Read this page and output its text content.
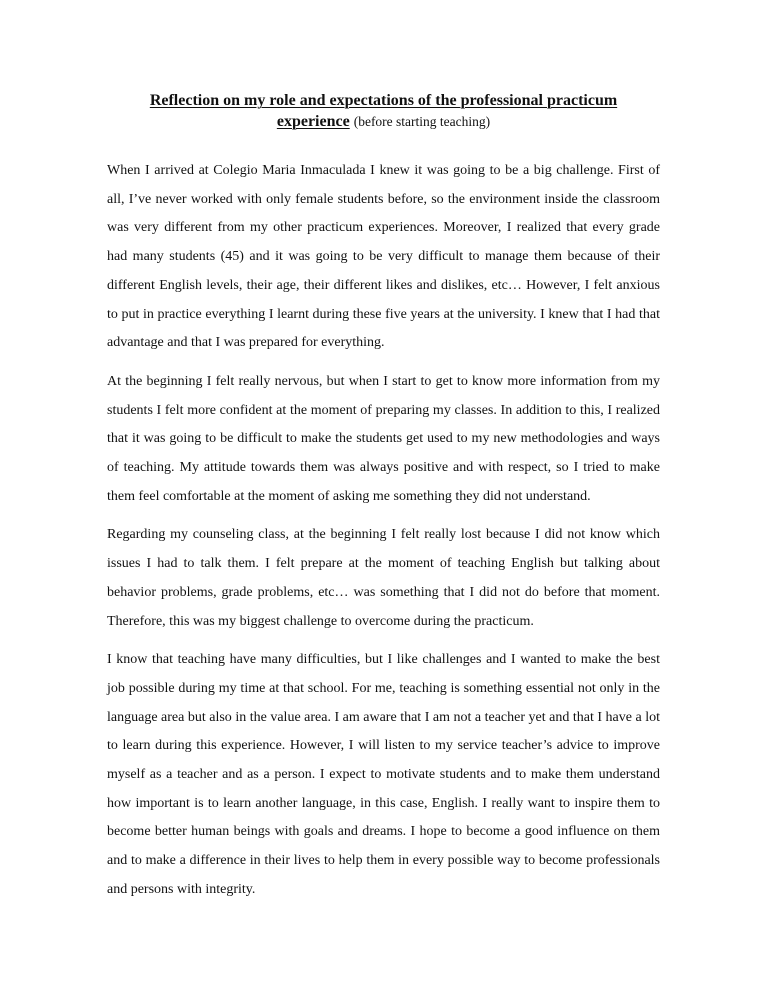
Reflection on my role and expectations of the professional practicum
experience (before starting teaching)

When I arrived at Colegio Maria Inmaculada I knew it was going to be a big challenge. First of all, I’ve never worked with only female students before, so the environment inside the classroom was very different from my other practicum experiences. Moreover, I realized that every grade had many students (45) and it was going to be very difficult to manage them because of their different English levels, their age, their different likes and dislikes, etc… However, I felt anxious to put in practice everything I learnt during these five years at the university. I knew that I had that advantage and that I was prepared for everything.

At the beginning I felt really nervous, but when I start to get to know more information from my students I felt more confident at the moment of preparing my classes. In addition to this, I realized that it was going to be difficult to make the students get used to my new methodologies and ways of teaching. My attitude towards them was always positive and with respect, so I tried to make them feel comfortable at the moment of asking me something they did not understand.

Regarding my counseling class, at the beginning I felt really lost because I did not know which issues I had to talk them. I felt prepare at the moment of teaching English but talking about behavior problems, grade problems, etc… was something that I did not do before that moment. Therefore, this was my biggest challenge to overcome during the practicum.

I know that teaching have many difficulties, but I like challenges and I wanted to make the best job possible during my time at that school. For me, teaching is something essential not only in the language area but also in the value area. I am aware that I am not a teacher yet and that I have a lot to learn during this experience. However, I will listen to my service teacher’s advice to improve myself as a teacher and as a person. I expect to motivate students and to make them understand how important is to learn another language, in this case, English. I really want to inspire them to become better human beings with goals and dreams. I hope to become a good influence on them and to make a difference in their lives to help them in every possible way to become professionals and persons with integrity.
